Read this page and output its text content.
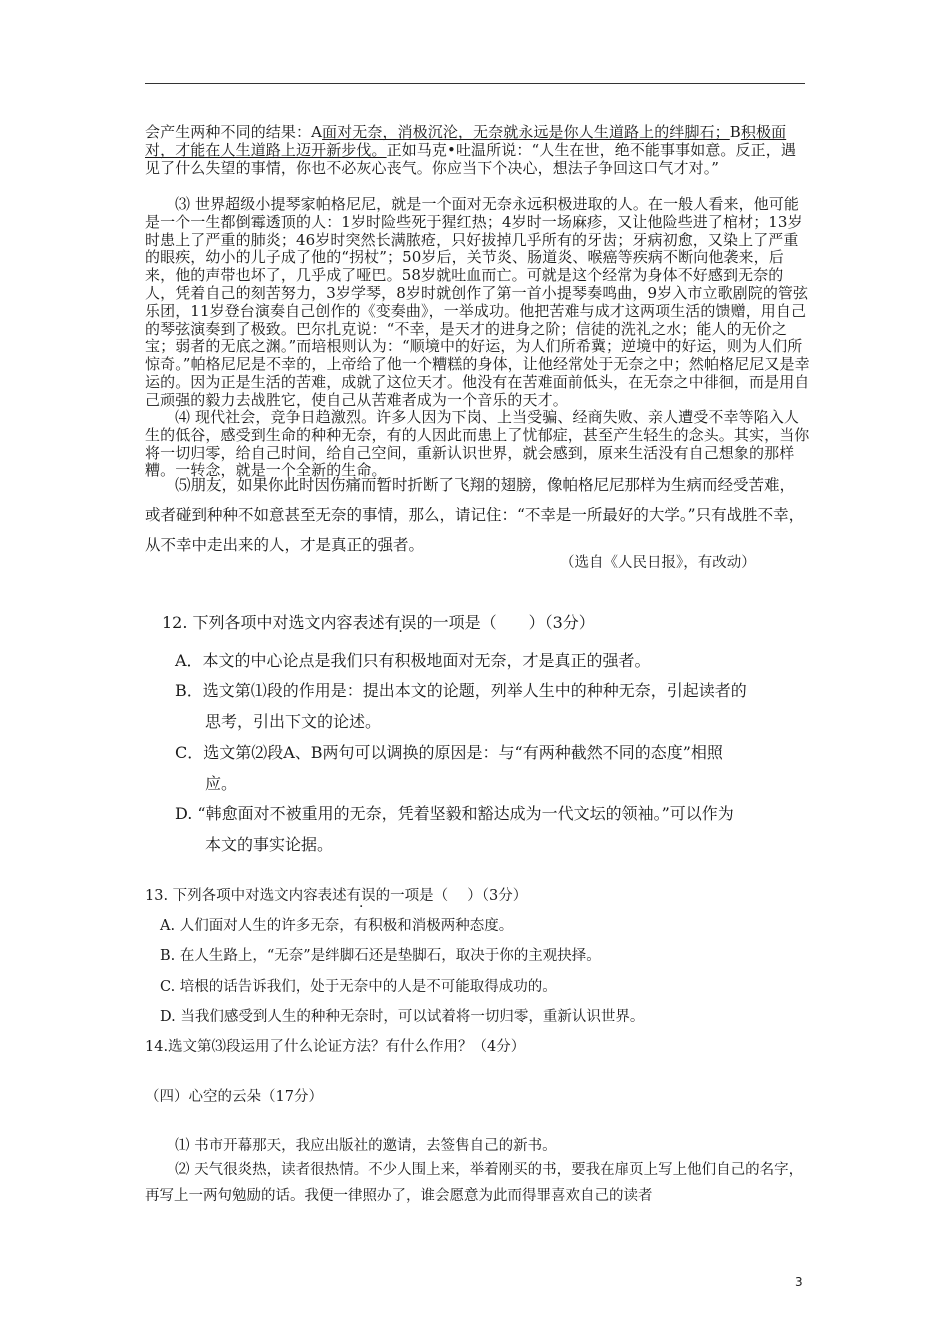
会产生两种不同的结果：A面对无奈，消极沉沦，无奈就永远是你人生道路上的绊脚石；B积极面对，才能在人生道路上迈开新步伐。正如马克•吐温所说：“人生在世，绝不能事事如意。反正，遇见了什么失望的事情，你也不必灰心丧气。你应当下个决心，想法子争回这口气才对。”

⑶ 世界超级小提琴家帕格尼尼，就是一个面对无奈永远积极进取的人。在一般人看来，他可能是一个一生都倒霉透顶的人：1岁时险些死于猩红热；4岁时一场麻疹，又让他险些进了棺材；13岁时患上了严重的肺炎；46岁时突然长满脓疮，只好拔掉几乎所有的牙齿；牙病初愈，又染上了严重的眼疾，幼小的儿子成了他的“拐杖”；50岁后，关节炎、肠道炎、喉癌等疾病不断向他袭来，后来，他的声带也坏了，几乎成了哑巴。58岁就吐血而亡。可就是这个经常为身体不好感到无奈的人，凭着自己的刻苦努力，3岁学琴，8岁时就创作了第一首小提琴奏鸣曲，9岁入市立歌剧院的管弦乐团，11岁登台演奏自己创作的《变奏曲》，一举成功。他把苦难与成才这两项生活的馈赠，用自己的琴弦演奏到了极致。巴尔扎克说：“不幸，是天才的进身之阶；信徒的洗礼之水；能人的无价之宝；弱者的无底之渊。”而培根则认为：“顺境中的好运，为人们所希冀；逆境中的好运，则为人们所惊奇。”帕格尼尼是不幸的，上帝给了他一个糟糕的身体，让他经常处于无奈之中；然帕格尼尼又是幸运的。因为正是生活的苦难，成就了这位天才。他没有在苦难面前低头，在无奈之中徘徊，而是用自己顽强的毅力去战胜它，使自己从苦难者成为一个音乐的天才。

⑷ 现代社会，竞争日趋激烈。许多人因为下岗、上当受骗、经商失败、亲人遭受不幸等陷入人生的低谷，感受到生命的种种无奈，有的人因此而患上了忧郁症，甚至产生轻生的念头。其实，当你将一切归零，给自己时间，给自己空间，重新认识世界，就会感到，原来生活没有自己想象的那样糟。一转念，就是一个全新的生命。

⑸朋友，如果你此时因伤痛而暂时折断了飞翔的翅膀，像帕格尼尼那样为生病而经受苦难，或者碰到种种不如意甚至无奈的事情，那么，请记住：“不幸是一所最好的大学。”只有战胜不幸，从不幸中走出来的人，才是真正的强者。

（选自《人民日报》，有改动）
12. 下列各项中对选文内容表述有误的一项是（　　）（3分）
A．本文的中心论点是我们只有积极地面对无奈，才是真正的强者。
B．选文第⑴段的作用是：提出本文的论题，列举人生中的种种无奈，引起读者的
思考，引出下文的论述。
C．选文第⑵段A、B两句可以调换的原因是：与“有两种截然不同的态度”相照
应。
D. “韩愈面对不被重用的无奈，凭着坚毅和豁达成为一代文坛的领袖。”可以作为
本文的事实论据。
13. 下列各项中对选文内容表述有误的一项是（　 ）（3分）
A. 人们面对人生的许多无奈，有积极和消极两种态度。
B. 在人生路上，“无奈”是绊脚石还是垫脚石，取决于你的主观抉择。
C. 培根的话告诉我们，处于无奈中的人是不可能取得成功的。
D. 当我们感受到人生的种种无奈时，可以试着将一切归零，重新认识世界。
14.选文第⑶段运用了什么论证方法？有什么作用？（4分）
（四）心空的云朵（17分）
⑴ 书市开幕那天，我应出版社的邀请，去签售自己的新书。
⑵ 天气很炎热，读者很热情。不少人围上来，举着刚买的书，要我在扉页上写上他们自己的名字，再写上一两句勉励的话。我便一律照办了，谁会愿意为此而得罪喜欢自己的读者
3
